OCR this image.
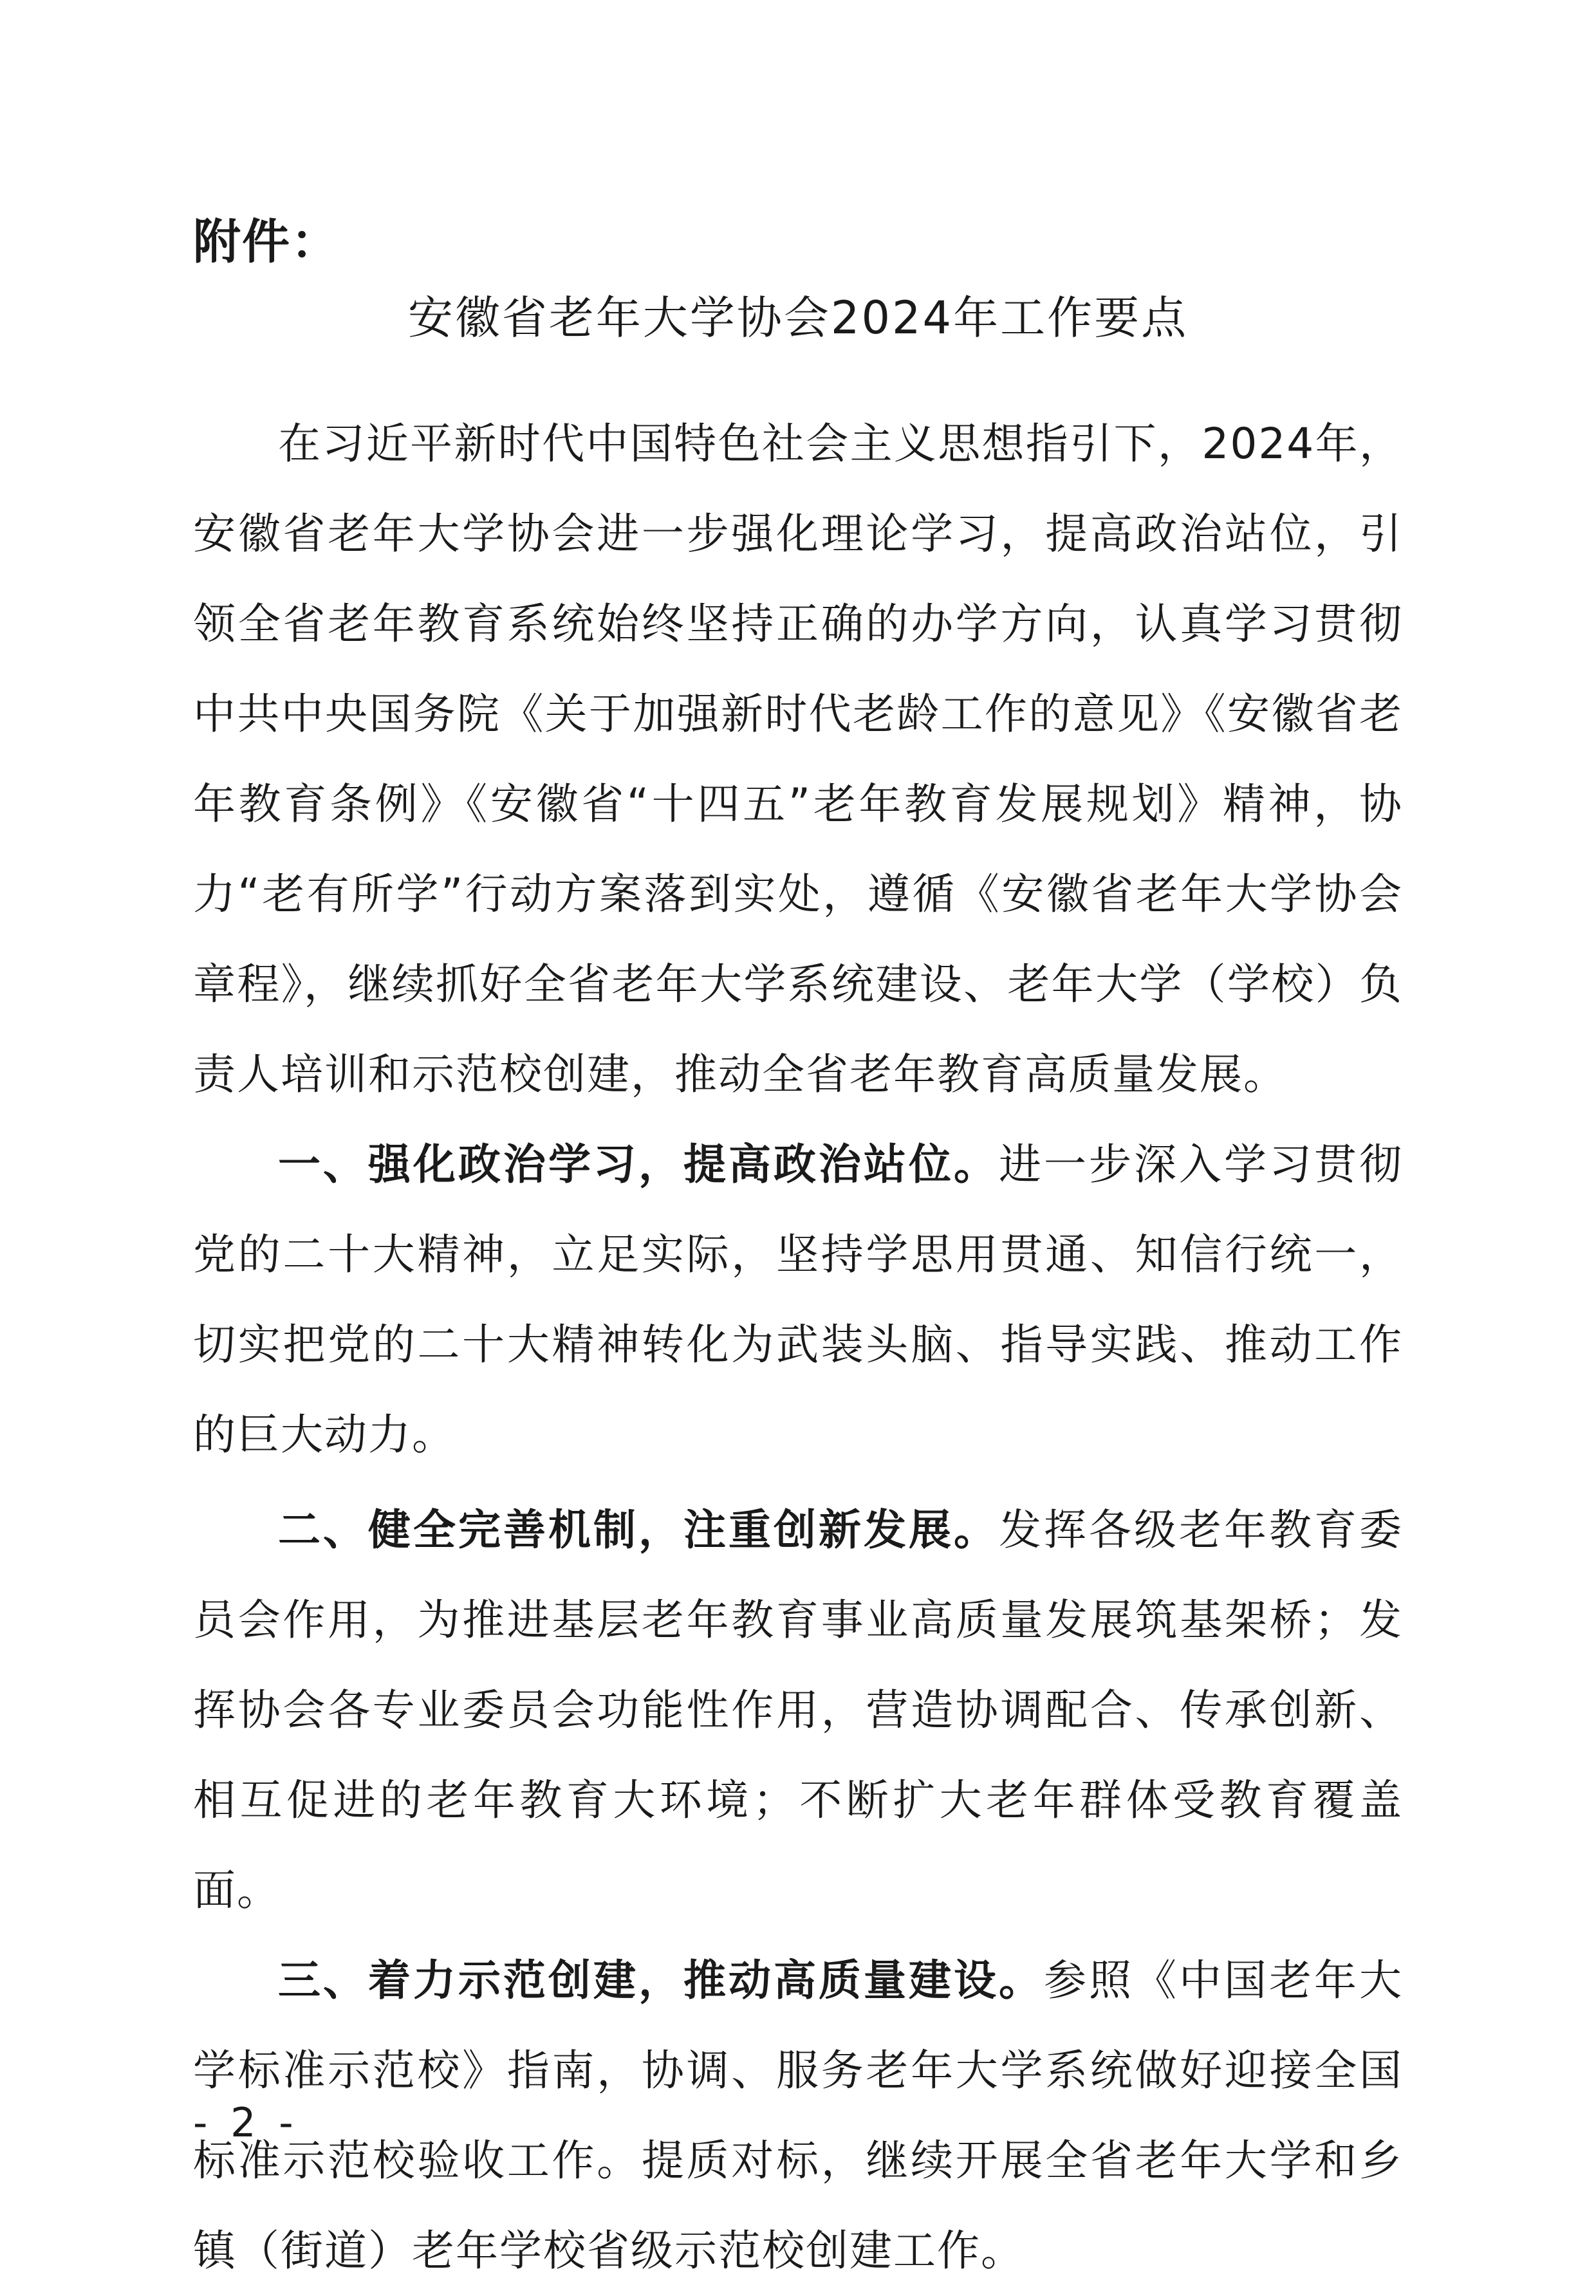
附件：
安徽省老年大学协会2024年工作要点

在习近平新时代中国特色社会主义思想指引下，2024年，安徽省老年大学协会进一步强化理论学习，提高政治站位，引领全省老年教育系统始终坚持正确的办学方向，认真学习贯彻中共中央国务院《关于加强新时代老龄工作的意见》《安徽省老年教育条例》《安徽省“十四五”老年教育发展规划》精神，协力“老有所学”行动方案落到实处，遵循《安徽省老年大学协会章程》，继续抓好全省老年大学系统建设、老年大学（学校）负责人培训和示范校创建，推动全省老年教育高质量发展。

一、强化政治学习，提高政治站位。进一步深入学习贯彻党的二十大精神，立足实际，坚持学思用贯通、知信行统一，切实把党的二十大精神转化为武装头脑、指导实践、推动工作的巨大动力。

二、健全完善机制，注重创新发展。发挥各级老年教育委员会作用，为推进基层老年教育事业高质量发展筑基架桥；发挥协会各专业委员会功能性作用，营造协调配合、传承创新、相互促进的老年教育大环境；不断扩大老年群体受教育覆盖面。

三、着力示范创建，推动高质量建设。参照《中国老年大学标准示范校》指南，协调、服务老年大学系统做好迎接全国标准示范校验收工作。提质对标，继续开展全省老年大学和乡镇（街道）老年学校省级示范校创建工作。

- 2 -
